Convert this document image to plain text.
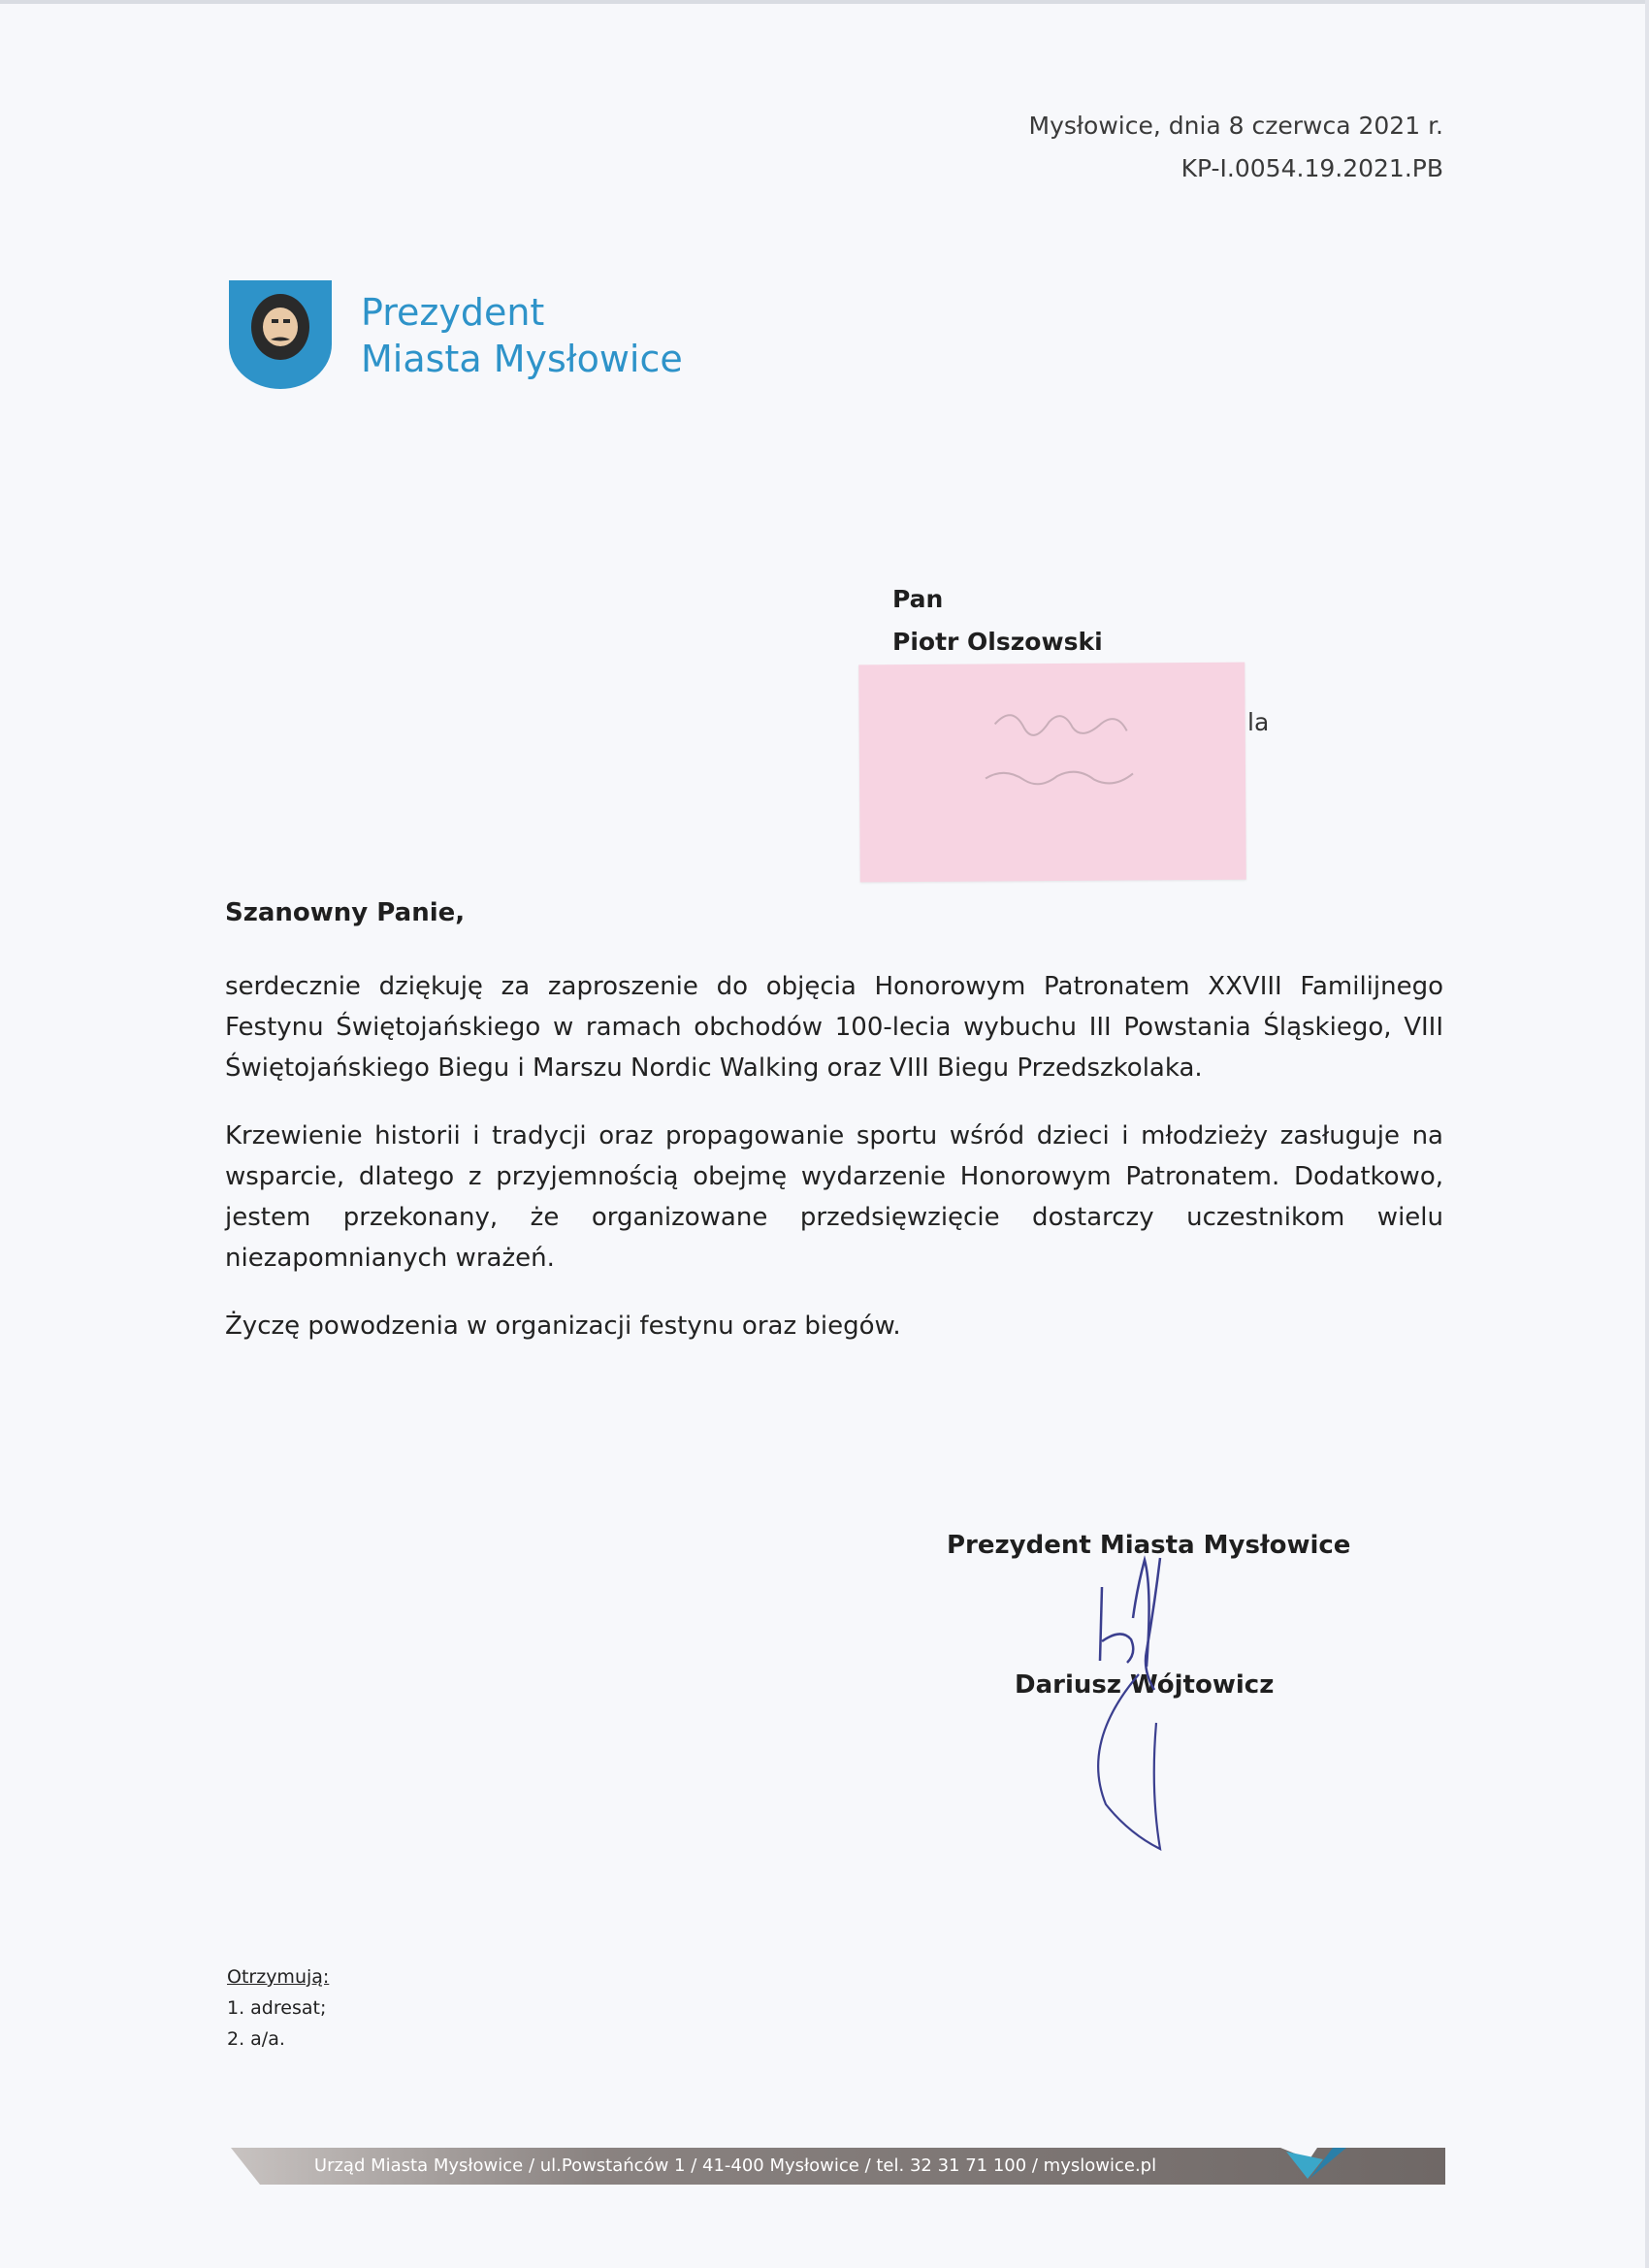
Mysłowice, dnia 8 czerwca 2021 r.
KP-I.0054.19.2021.PB
Prezydent
Miasta Mysłowice
Pan
Piotr Olszowski
la
Szanowny Panie,

serdecznie dziękuję za zaproszenie do objęcia Honorowym Patronatem XXVIII Familijnego Festynu Świętojańskiego w ramach obchodów 100-lecia wybuchu III Powstania Śląskiego, VIII Świętojańskiego Biegu i Marszu Nordic Walking oraz VIII Biegu Przedszkolaka.

Krzewienie historii i tradycji oraz propagowanie sportu wśród dzieci i młodzieży zasługuje na wsparcie, dlatego z przyjemnością obejmę wydarzenie Honorowym Patronatem. Dodatkowo, jestem przekonany, że organizowane przedsięwzięcie dostarczy uczestnikom wielu niezapomnianych wrażeń.

Życzę powodzenia w organizacji festynu oraz biegów.

Prezydent Miasta Mysłowice
Dariusz Wójtowicz
Otrzymują:
1. adresat;
2. a/a.
Urząd Miasta Mysłowice / ul.Powstańców 1 / 41-400 Mysłowice / tel. 32 31 71 100 / myslowice.pl
